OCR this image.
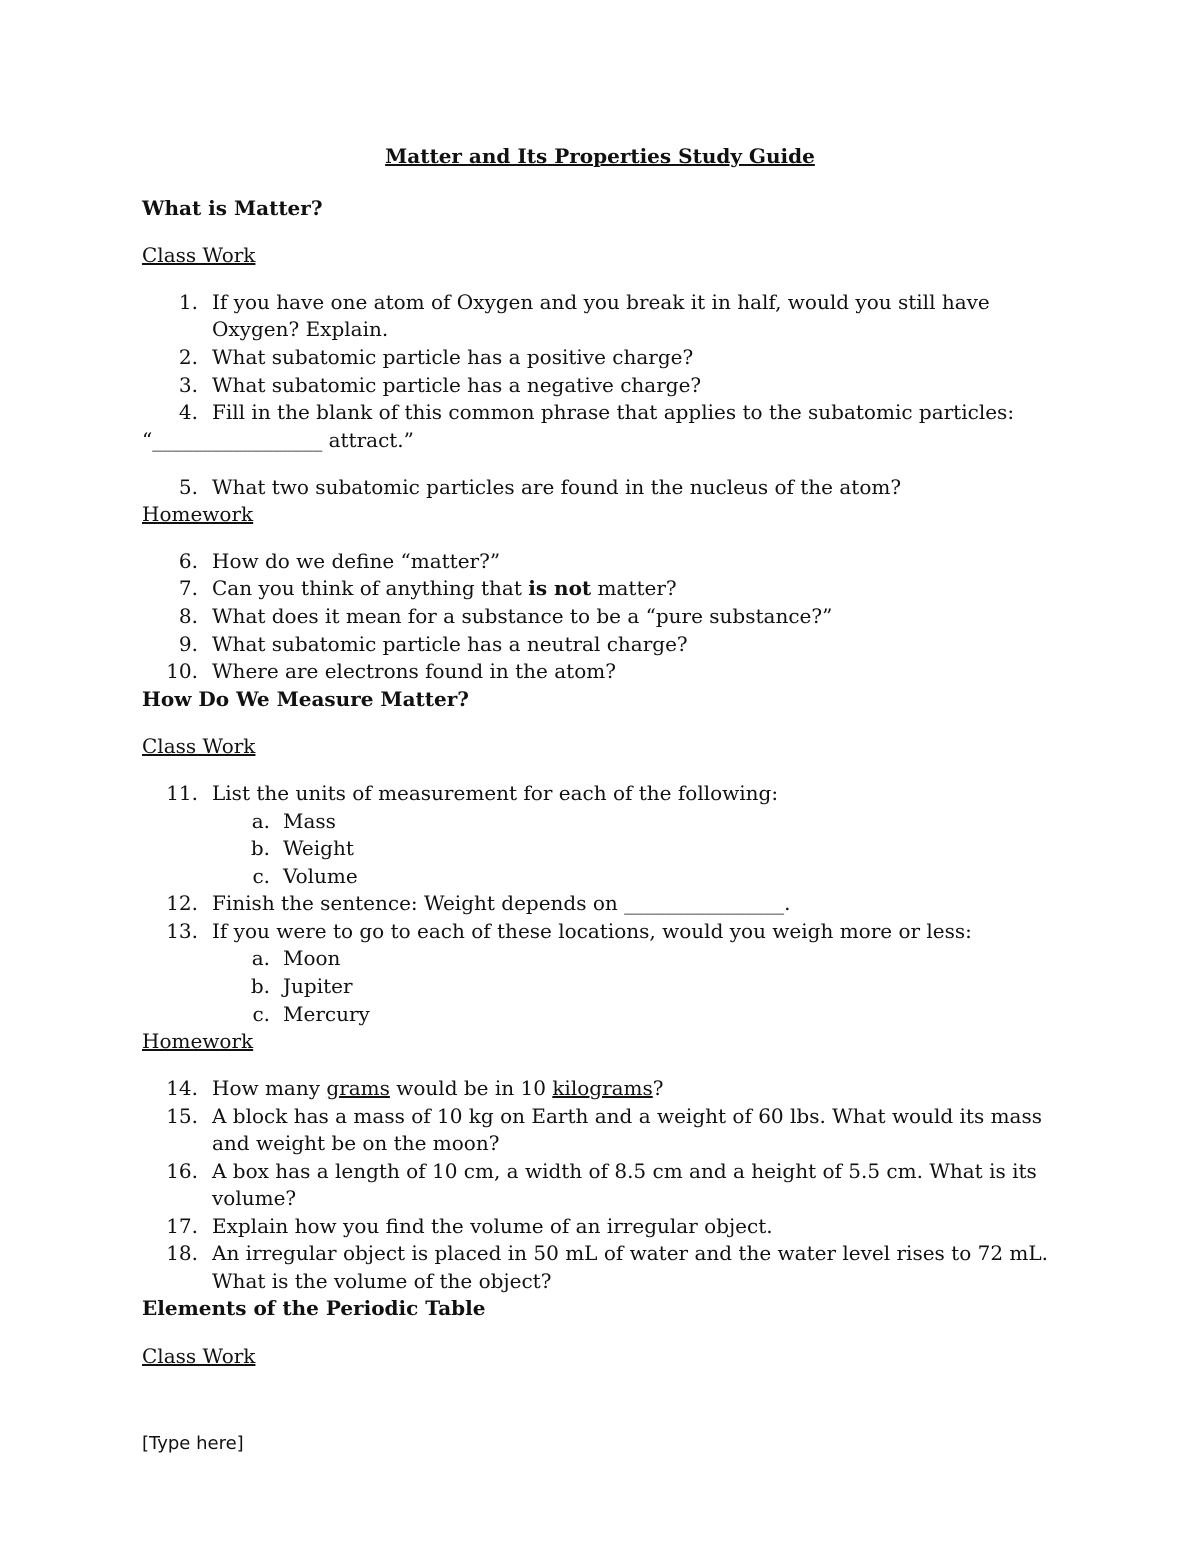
Matter and Its Properties Study Guide
What is Matter?
Class Work
1. If you have one atom of Oxygen and you break it in half, would you still have
Oxygen? Explain.
2. What subatomic particle has a positive charge?
3. What subatomic particle has a negative charge?
4. Fill in the blank of this common phrase that applies to the subatomic particles:
“_________________ attract.”
5. What two subatomic particles are found in the nucleus of the atom?
Homework
6. How do we define “matter?”
7. Can you think of anything that is not matter?
8. What does it mean for a substance to be a “pure substance?”
9. What subatomic particle has a neutral charge?
10. Where are electrons found in the atom?
How Do We Measure Matter?
Class Work
11. List the units of measurement for each of the following:
a. Mass
b. Weight
c. Volume
12. Finish the sentence: Weight depends on ________________.
13. If you were to go to each of these locations, would you weigh more or less:
a. Moon
b. Jupiter
c. Mercury
Homework
14. How many grams would be in 10 kilograms?
15. A block has a mass of 10 kg on Earth and a weight of 60 lbs. What would its mass
and weight be on the moon?
16. A box has a length of 10 cm, a width of 8.5 cm and a height of 5.5 cm. What is its
volume?
17. Explain how you find the volume of an irregular object.
18. An irregular object is placed in 50 mL of water and the water level rises to 72 mL.
What is the volume of the object?
Elements of the Periodic Table
Class Work
[Type here]
